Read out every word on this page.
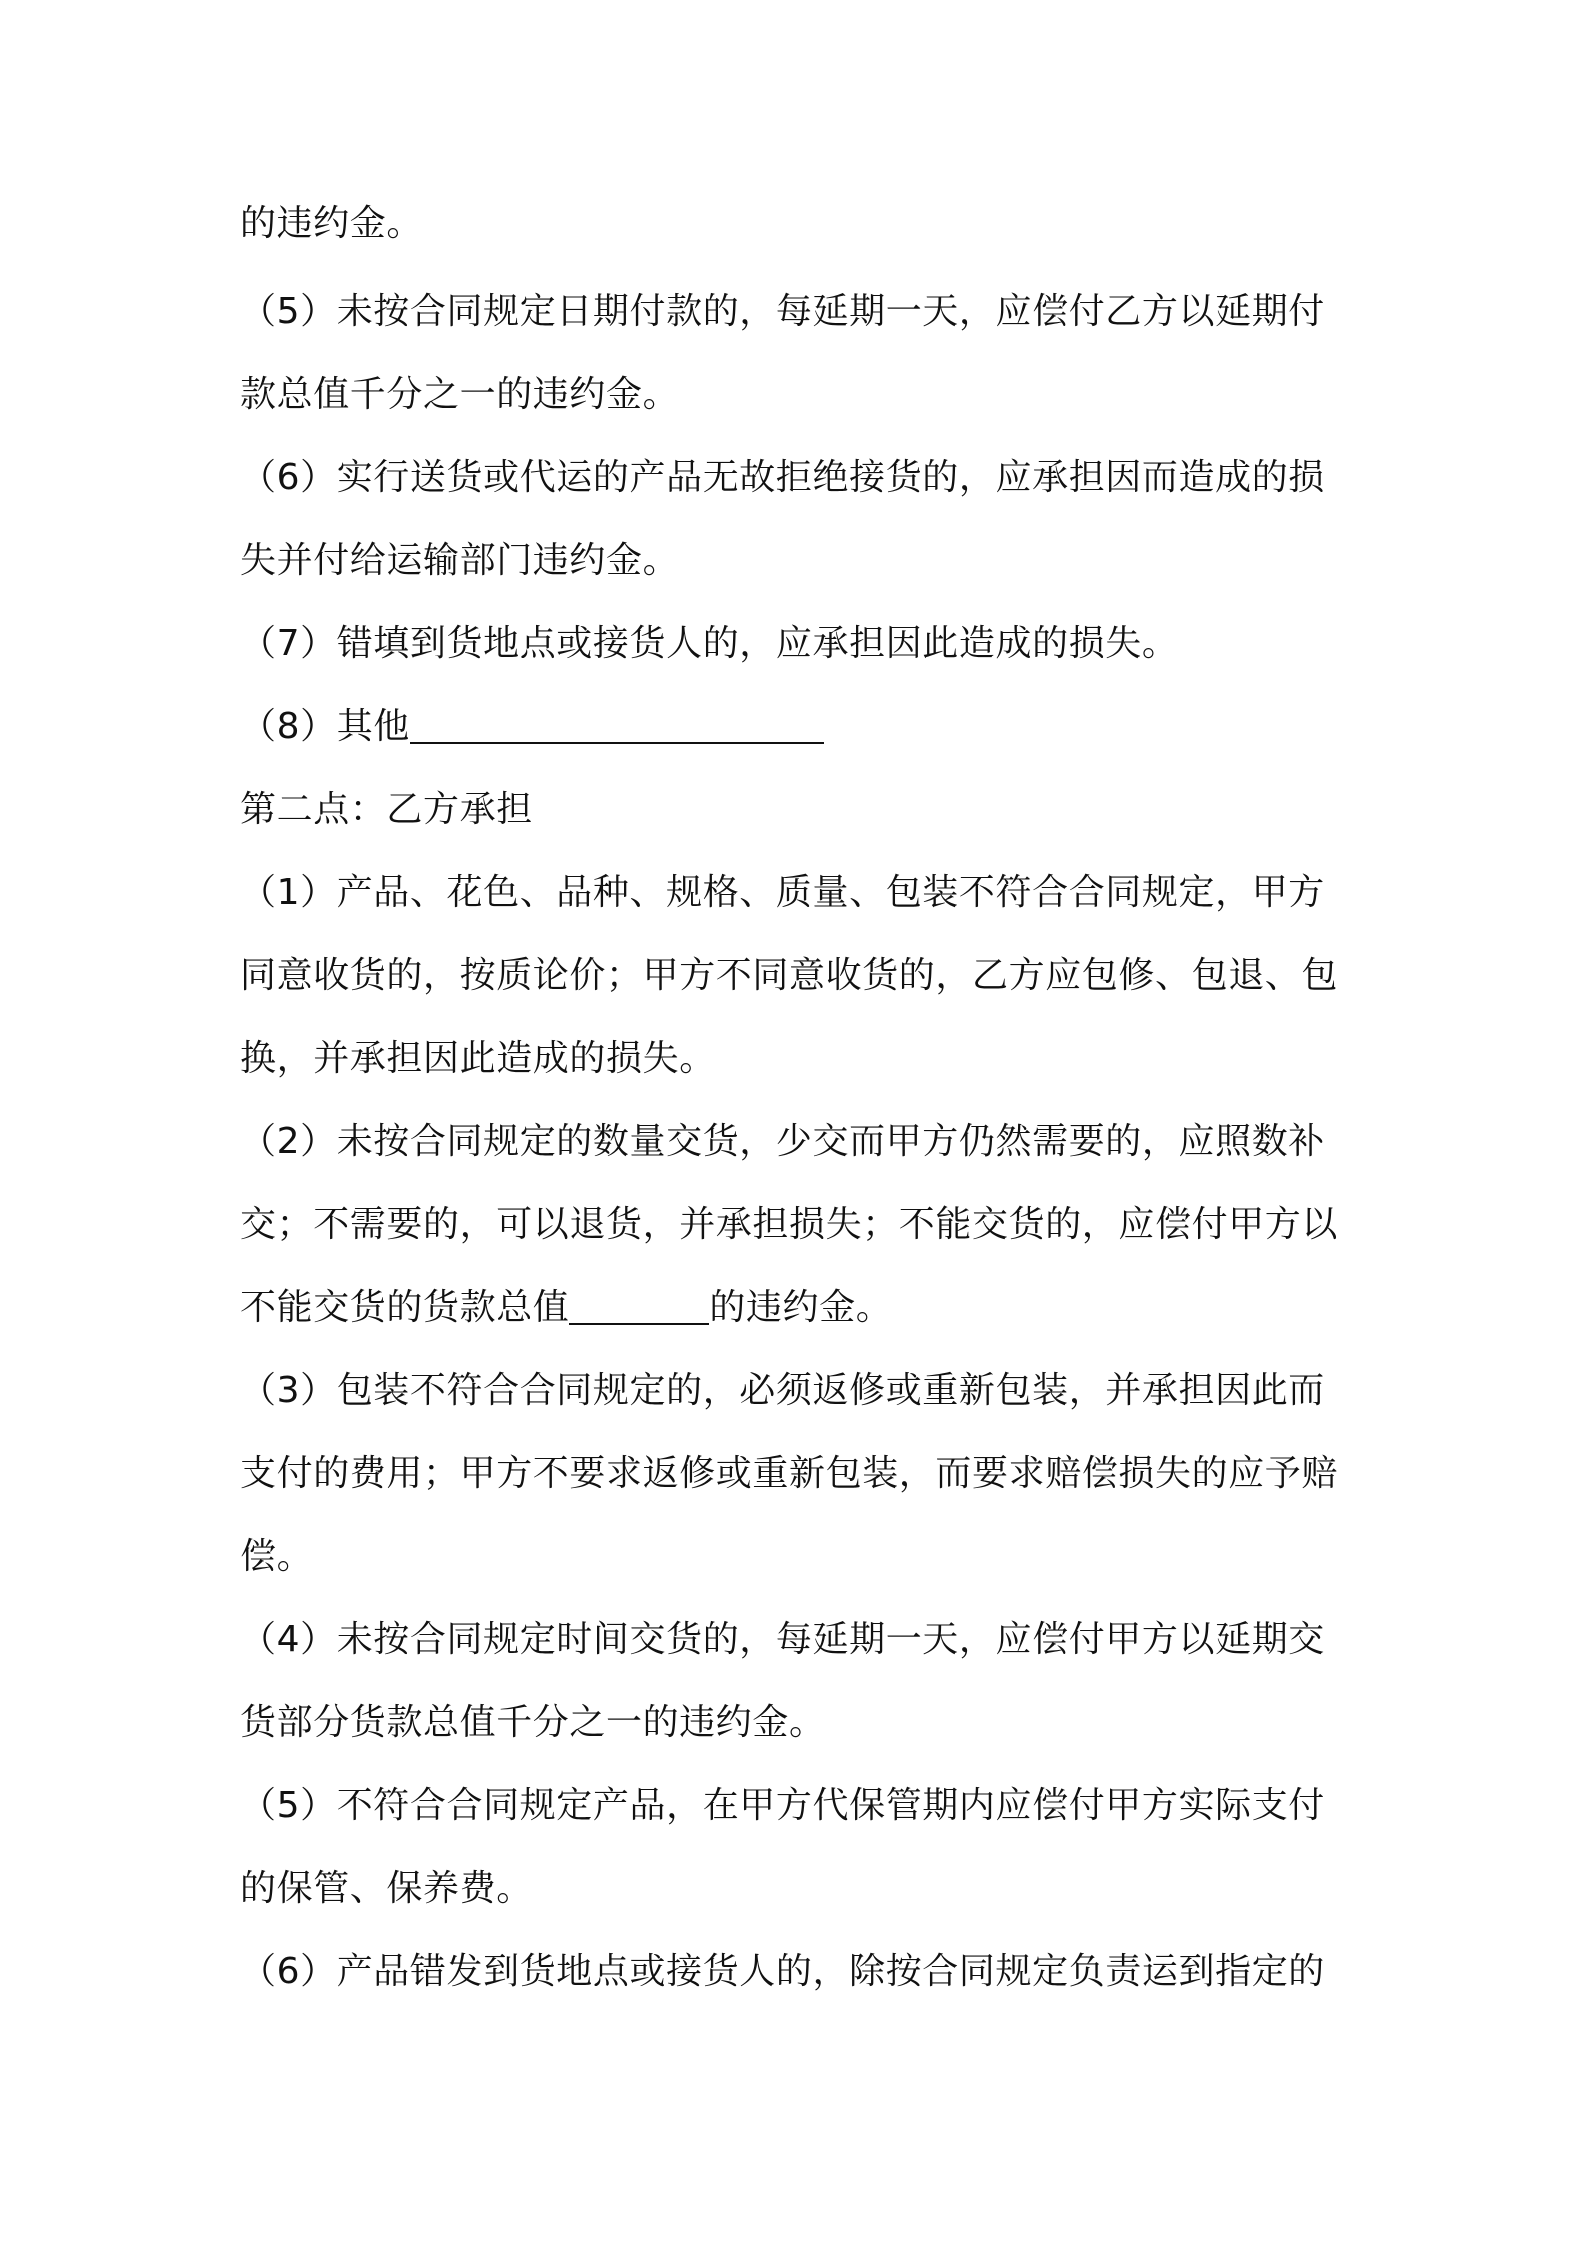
的违约金。
（5）未按合同规定日期付款的，每延期一天，应偿付乙方以延期付
款总值千分之一的违约金。
（6）实行送货或代运的产品无故拒绝接货的，应承担因而造成的损
失并付给运输部门违约金。
（7）错填到货地点或接货人的，应承担因此造成的损失。
（8）其他
第二点：乙方承担
（1）产品、花色、品种、规格、质量、包装不符合合同规定，甲方
同意收货的，按质论价；甲方不同意收货的，乙方应包修、包退、包
换，并承担因此造成的损失。
（2）未按合同规定的数量交货，少交而甲方仍然需要的，应照数补
交；不需要的，可以退货，并承担损失；不能交货的，应偿付甲方以
不能交货的货款总值	的违约金。
（3）包装不符合合同规定的，必须返修或重新包装，并承担因此而
支付的费用；甲方不要求返修或重新包装，而要求赔偿损失的应予赔
偿。
（4）未按合同规定时间交货的，每延期一天，应偿付甲方以延期交
货部分货款总值千分之一的违约金。
（5）不符合合同规定产品，在甲方代保管期内应偿付甲方实际支付
的保管、保养费。
（6）产品错发到货地点或接货人的，除按合同规定负责运到指定的
